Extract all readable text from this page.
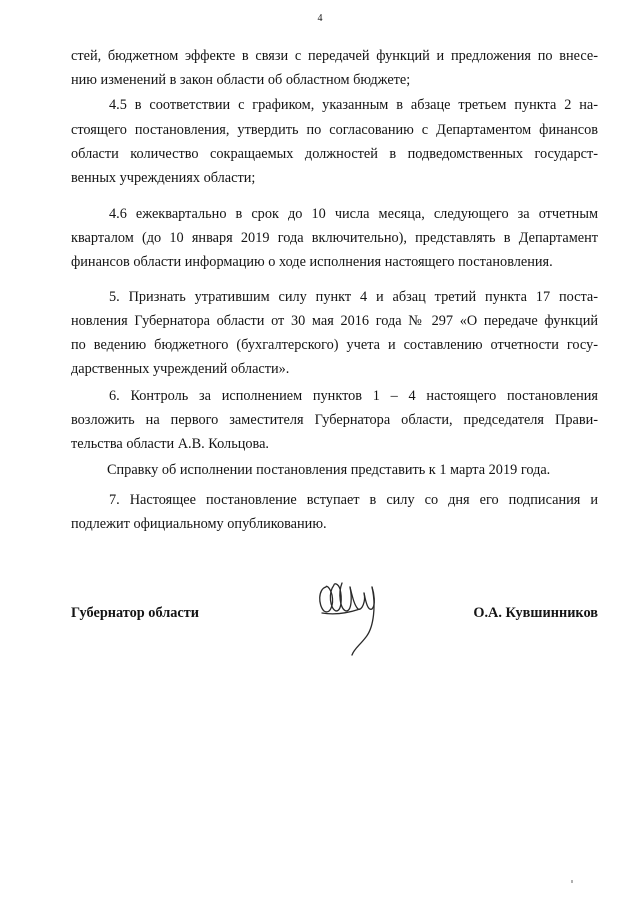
4
стей, бюджетном эффекте в связи с передачей функций и предложения по внесе-
нию изменений в закон области об областном бюджете;
4.5 в соответствии с графиком, указанным в абзаце третьем пункта 2 на-
стоящего постановления, утвердить по согласованию с Департаментом финансов
области количество сокращаемых должностей в подведомственных государст-
венных учреждениях области;
4.6 ежеквартально в срок до 10 числа месяца, следующего за отчетным
кварталом (до 10 января 2019 года включительно), представлять в Департамент
финансов области информацию о ходе исполнения настоящего постановления.
5. Признать утратившим силу пункт 4 и абзац третий пункта 17 поста-
новления Губернатора области от 30 мая 2016 года № 297 «О передаче функций
по ведению бюджетного (бухгалтерского) учета и составлению отчетности госу-
дарственных учреждений области».
6. Контроль за исполнением пунктов 1 – 4 настоящего постановления
возложить на первого заместителя Губернатора области, председателя Прави-
тельства области А.В. Кольцова.
Справку об исполнении постановления представить к 1 марта 2019 года.
7. Настоящее постановление вступает в силу со дня его подписания и
подлежит официальному опубликованию.
Губернатор области	О.А. Кувшинников
